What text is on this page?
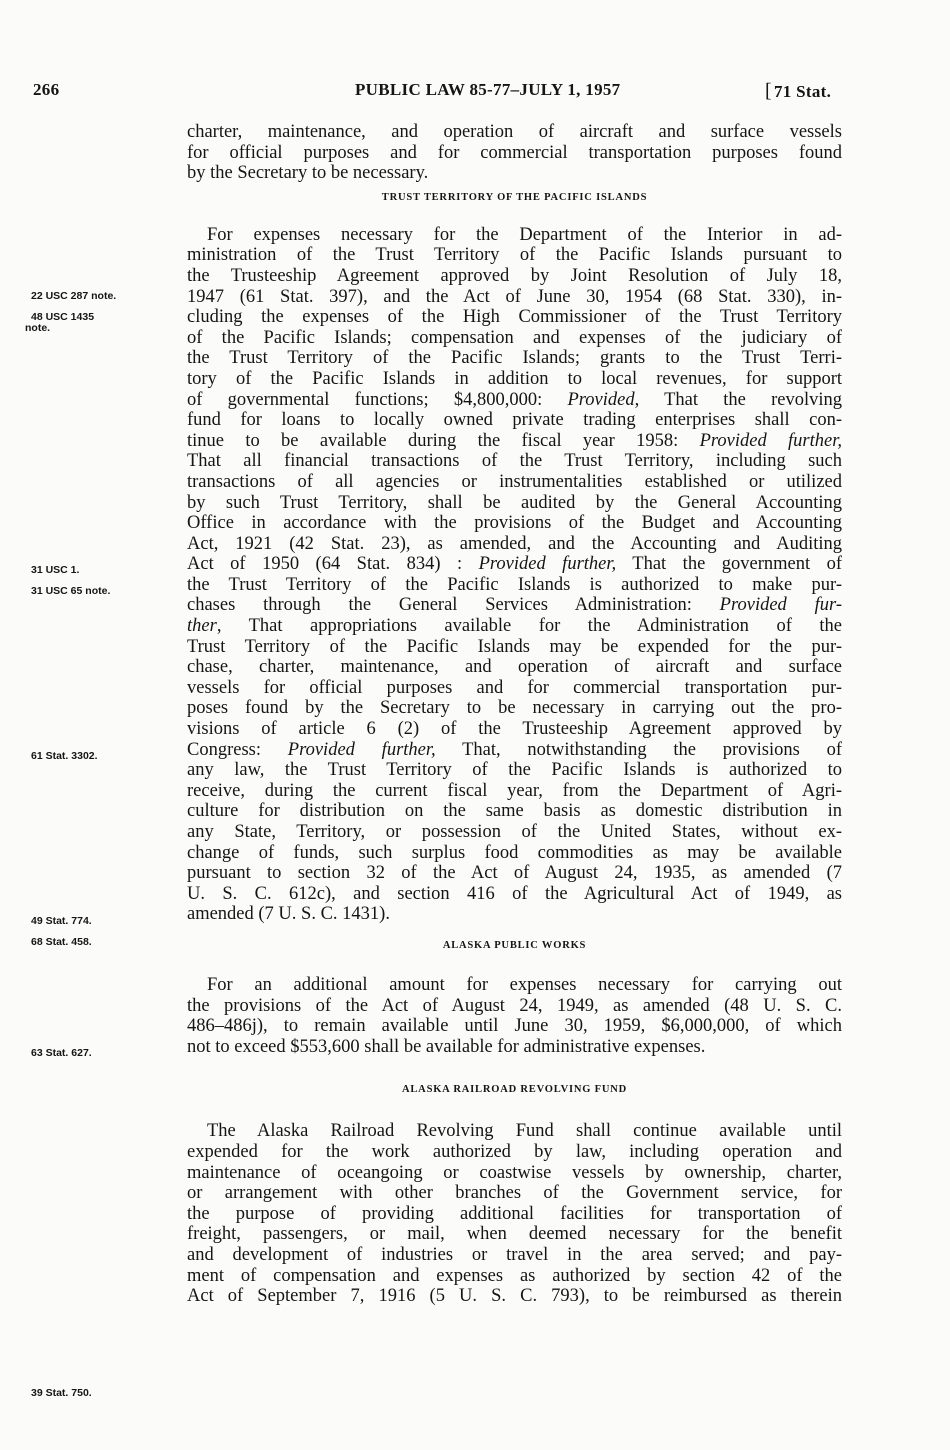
266	PUBLIC LAW 85-77–JULY 1, 1957	[ 71 Stat.
22 USC 287 note.
48 USC 1435
note.
31 USC 1.
31 USC 65 note.
61 Stat. 3302.
49 Stat. 774.
68 Stat. 458.
63 Stat. 627.
39 Stat. 750.
charter, maintenance, and operation of aircraft and surface vessels
for official purposes and for commercial transportation purposes found
by the Secretary to be necessary.
TRUST TERRITORY OF THE PACIFIC ISLANDS
For expenses necessary for the Department of the Interior in ad-
ministration of the Trust Territory of the Pacific Islands pursuant to
the Trusteeship Agreement approved by Joint Resolution of July 18,
1947 (61 Stat. 397), and the Act of June 30, 1954 (68 Stat. 330), in-
cluding the expenses of the High Commissioner of the Trust Territory
of the Pacific Islands; compensation and expenses of the judiciary of
the Trust Territory of the Pacific Islands; grants to the Trust Terri-
tory of the Pacific Islands in addition to local revenues, for support
of governmental functions; $4,800,000: Provided, That the revolving
fund for loans to locally owned private trading enterprises shall con-
tinue to be available during the fiscal year 1958: Provided further,
That all financial transactions of the Trust Territory, including such
transactions of all agencies or instrumentalities established or utilized
by such Trust Territory, shall be audited by the General Accounting
Office in accordance with the provisions of the Budget and Accounting
Act, 1921 (42 Stat. 23), as amended, and the Accounting and Auditing
Act of 1950 (64 Stat. 834) : Provided further, That the government of
the Trust Territory of the Pacific Islands is authorized to make pur-
chases through the General Services Administration: Provided fur-
ther, That appropriations available for the Administration of the
Trust Territory of the Pacific Islands may be expended for the pur-
chase, charter, maintenance, and operation of aircraft and surface
vessels for official purposes and for commercial transportation pur-
poses found by the Secretary to be necessary in carrying out the pro-
visions of article 6 (2) of the Trusteeship Agreement approved by
Congress: Provided further, That, notwithstanding the provisions of
any law, the Trust Territory of the Pacific Islands is authorized to
receive, during the current fiscal year, from the Department of Agri-
culture for distribution on the same basis as domestic distribution in
any State, Territory, or possession of the United States, without ex-
change of funds, such surplus food commodities as may be available
pursuant to section 32 of the Act of August 24, 1935, as amended (7
U. S. C. 612c), and section 416 of the Agricultural Act of 1949, as
amended (7 U. S. C. 1431).
ALASKA PUBLIC WORKS
For an additional amount for expenses necessary for carrying out
the provisions of the Act of August 24, 1949, as amended (48 U. S. C.
486–486j), to remain available until June 30, 1959, $6,000,000, of which
not to exceed $553,600 shall be available for administrative expenses.
ALASKA RAILROAD REVOLVING FUND
The Alaska Railroad Revolving Fund shall continue available until
expended for the work authorized by law, including operation and
maintenance of oceangoing or coastwise vessels by ownership, charter,
or arrangement with other branches of the Government service, for
the purpose of providing additional facilities for transportation of
freight, passengers, or mail, when deemed necessary for the benefit
and development of industries or travel in the area served; and pay-
ment of compensation and expenses as authorized by section 42 of the
Act of September 7, 1916 (5 U. S. C. 793), to be reimbursed as therein
